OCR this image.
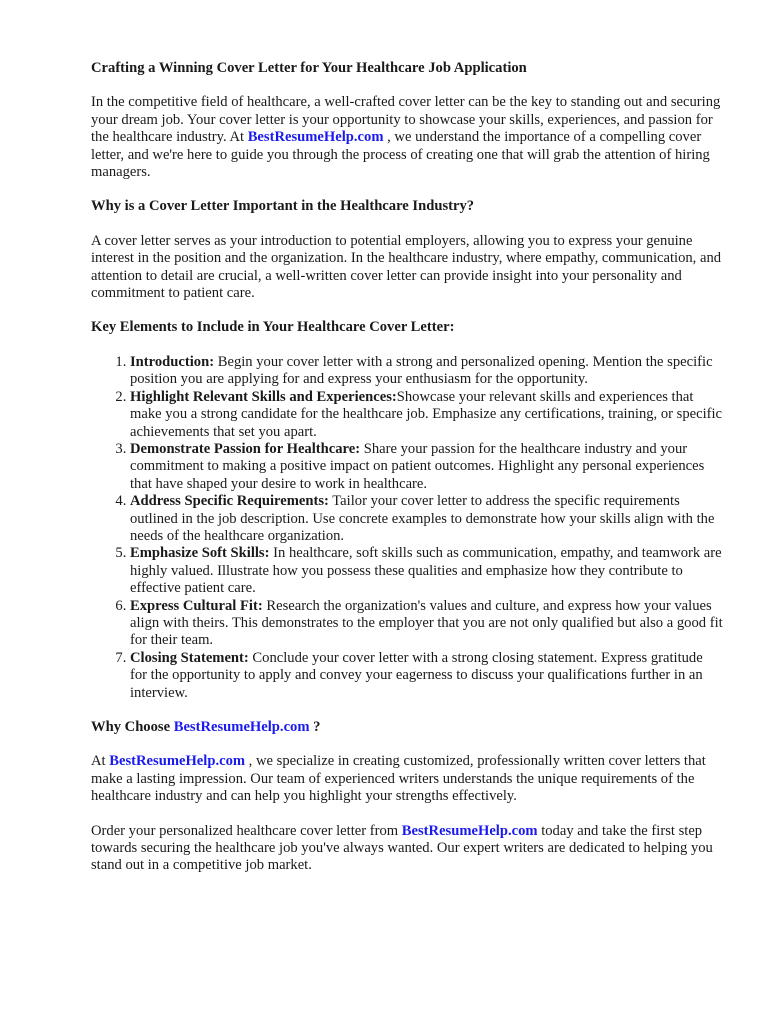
Crafting a Winning Cover Letter for Your Healthcare Job Application

In the competitive field of healthcare, a well-crafted cover letter can be the key to standing out and securing your dream job. Your cover letter is your opportunity to showcase your skills, experiences, and passion for the healthcare industry. At BestResumeHelp.com , we understand the importance of a compelling cover letter, and we're here to guide you through the process of creating one that will grab the attention of hiring managers.

Why is a Cover Letter Important in the Healthcare Industry?

A cover letter serves as your introduction to potential employers, allowing you to express your genuine interest in the position and the organization. In the healthcare industry, where empathy, communication, and attention to detail are crucial, a well-written cover letter can provide insight into your personality and commitment to patient care.

Key Elements to Include in Your Healthcare Cover Letter:
1. Introduction: Begin your cover letter with a strong and personalized opening. Mention the specific position you are applying for and express your enthusiasm for the opportunity.
2. Highlight Relevant Skills and Experiences:Showcase your relevant skills and experiences that make you a strong candidate for the healthcare job. Emphasize any certifications, training, or specific achievements that set you apart.
3. Demonstrate Passion for Healthcare: Share your passion for the healthcare industry and your commitment to making a positive impact on patient outcomes. Highlight any personal experiences that have shaped your desire to work in healthcare.
4. Address Specific Requirements: Tailor your cover letter to address the specific requirements outlined in the job description. Use concrete examples to demonstrate how your skills align with the needs of the healthcare organization.
5. Emphasize Soft Skills: In healthcare, soft skills such as communication, empathy, and teamwork are highly valued. Illustrate how you possess these qualities and emphasize how they contribute to effective patient care.
6. Express Cultural Fit: Research the organization's values and culture, and express how your values align with theirs. This demonstrates to the employer that you are not only qualified but also a good fit for their team.
7. Closing Statement: Conclude your cover letter with a strong closing statement. Express gratitude for the opportunity to apply and convey your eagerness to discuss your qualifications further in an interview.
Why Choose BestResumeHelp.com ?

At BestResumeHelp.com , we specialize in creating customized, professionally written cover letters that make a lasting impression. Our team of experienced writers understands the unique requirements of the healthcare industry and can help you highlight your strengths effectively.

Order your personalized healthcare cover letter from BestResumeHelp.com today and take the first step towards securing the healthcare job you've always wanted. Our expert writers are dedicated to helping you stand out in a competitive job market.
